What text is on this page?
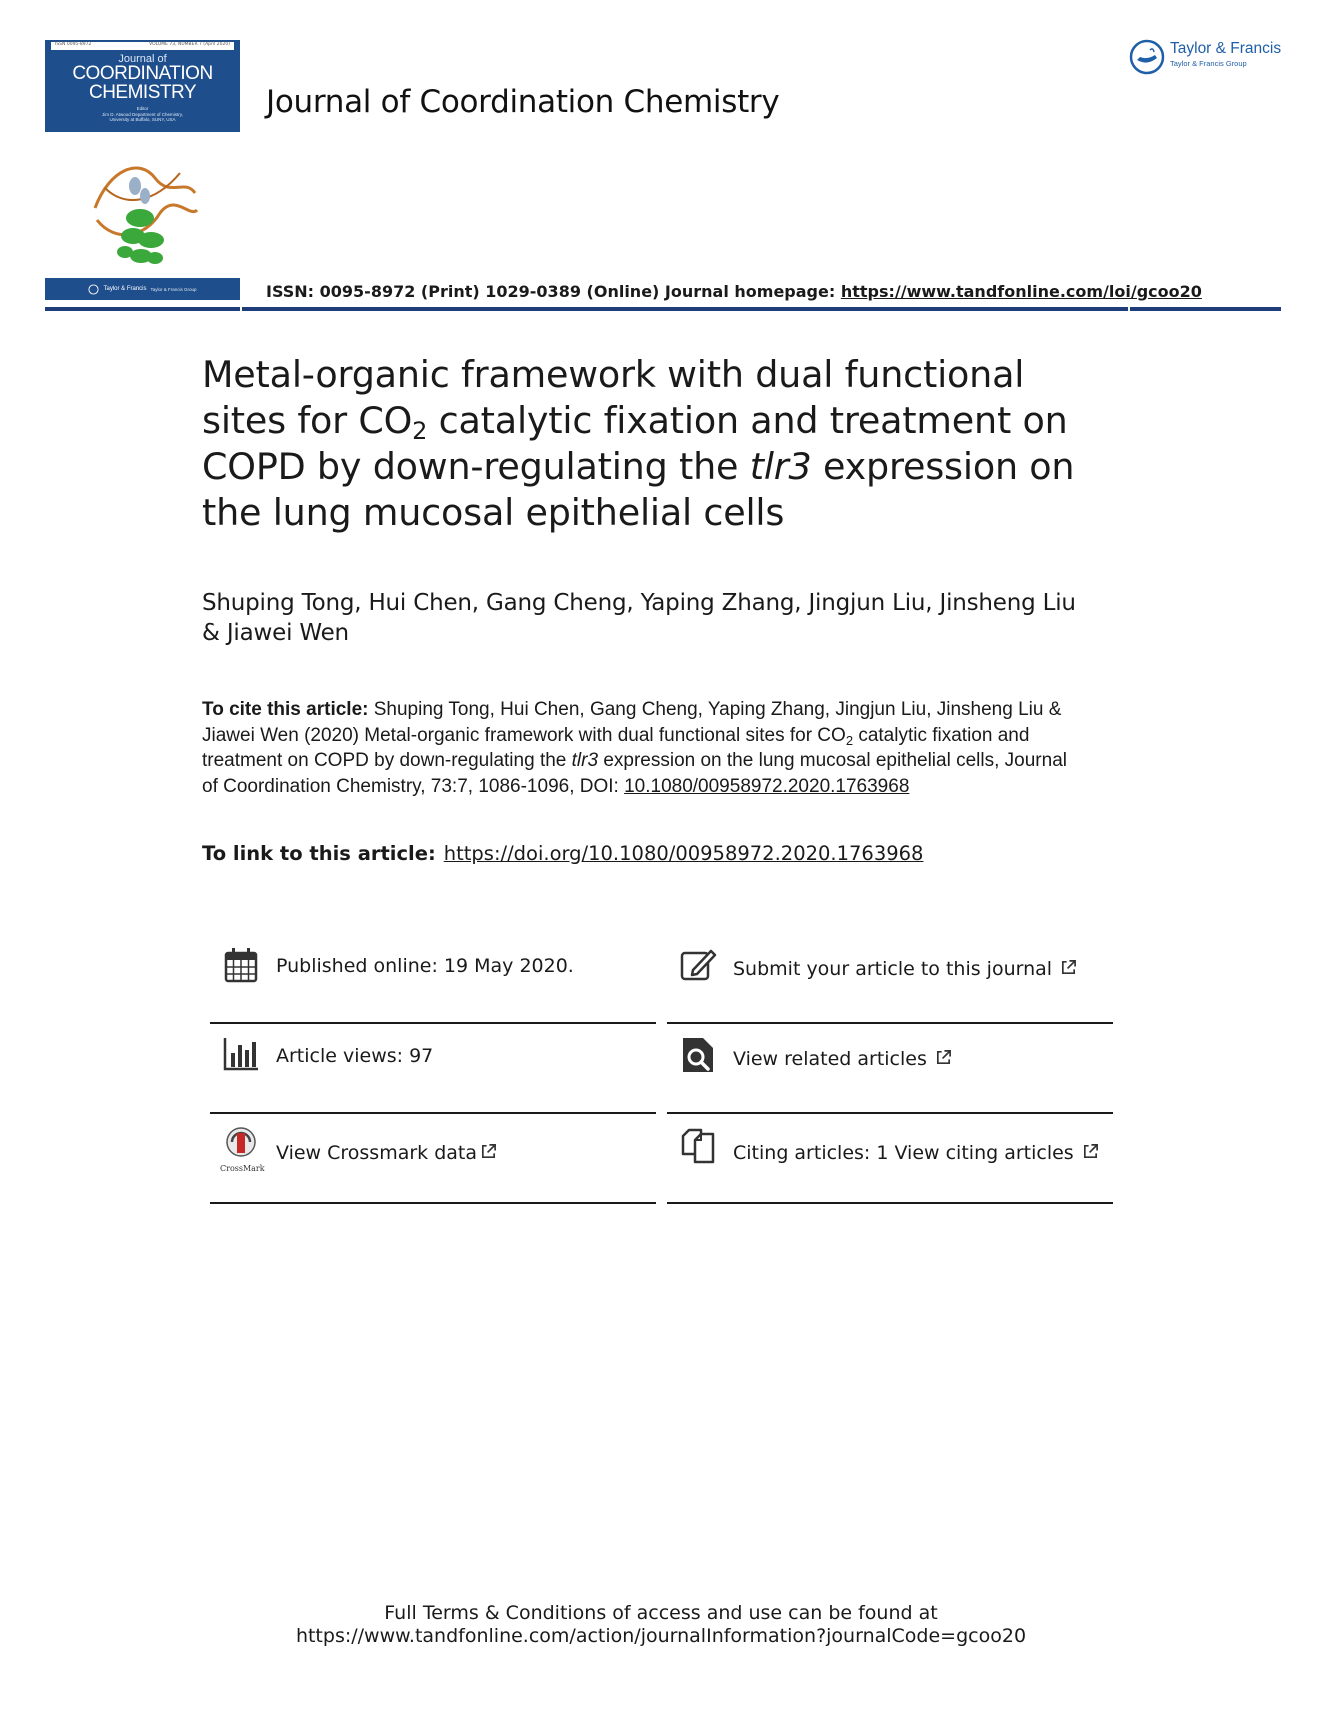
ISSN 0095-8972	VOLUME 73, NUMBER 7 (April 2020)
Journal of
COORDINATION
CHEMISTRY
Editor
Jim D. Atwood Department of Chemistry,
University at Buffalo, SUNY, USA
Taylor & Francis Taylor & Francis Group
Journal of Coordination Chemistry
Taylor & Francis
Taylor & Francis Group
ISSN: 0095-8972 (Print) 1029-0389 (Online) Journal homepage: https://www.tandfonline.com/loi/gcoo20
Metal-organic framework with dual functional
sites for $CO_2$ catalytic fixation and treatment on
COPD by down-regulating the tlr3 expression on
the lung mucosal epithelial cells
Shuping Tong, Hui Chen, Gang Cheng, Yaping Zhang, Jingjun Liu, Jinsheng Liu
& Jiawei Wen
To cite this article: Shuping Tong, Hui Chen, Gang Cheng, Yaping Zhang, Jingjun Liu, Jinsheng Liu & Jiawei Wen (2020) Metal-organic framework with dual functional sites for $CO_2$ catalytic fixation and treatment on COPD by down-regulating the tlr3 expression on the lung mucosal epithelial cells, Journal of Coordination Chemistry, 73:7, 1086-1096, DOI: 10.1080/00958972.2020.1763968
To link to this article: https://doi.org/10.1080/00958972.2020.1763968
Published online: 19 May 2020.	Submit your article to this journal
Article views: 97	View related articles
CrossMark
View Crossmark data	Citing articles: 1 View citing articles
Full Terms & Conditions of access and use can be found at
https://www.tandfonline.com/action/journalInformation?journalCode=gcoo20
